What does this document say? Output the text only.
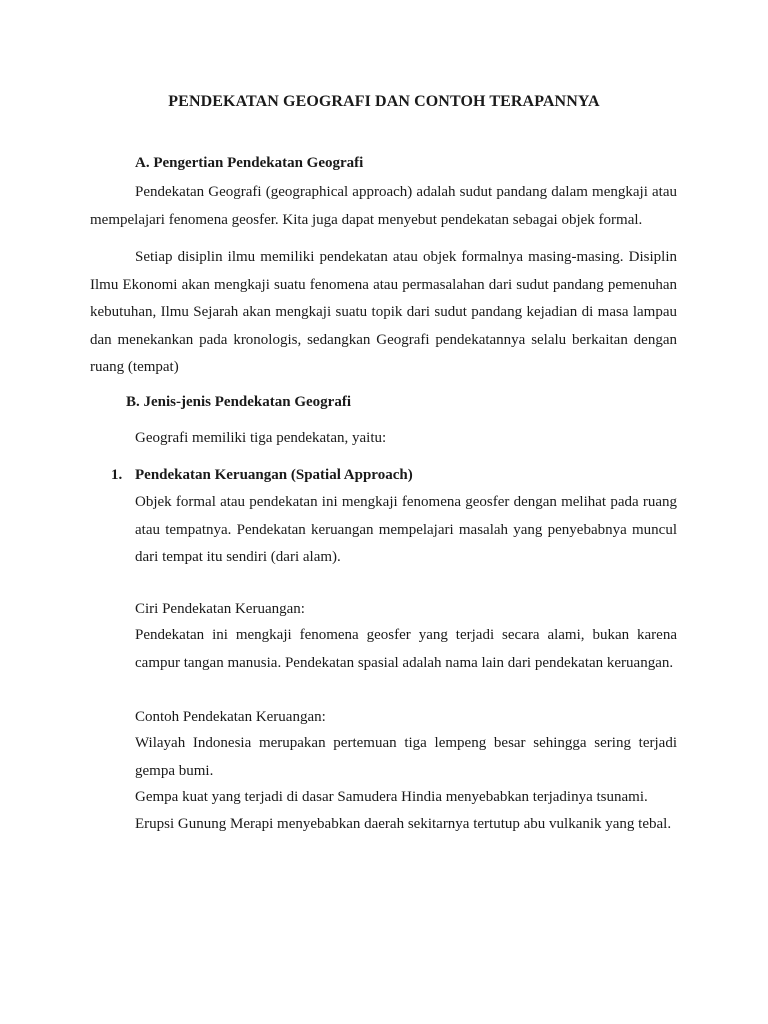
PENDEKATAN GEOGRAFI DAN CONTOH TERAPANNYA
A. Pengertian Pendekatan Geografi
Pendekatan Geografi (geographical approach) adalah sudut pandang dalam mengkaji atau mempelajari fenomena geosfer. Kita juga dapat menyebut pendekatan sebagai objek formal.
Setiap disiplin ilmu memiliki pendekatan atau objek formalnya masing-masing. Disiplin Ilmu Ekonomi akan mengkaji suatu fenomena atau permasalahan dari sudut pandang pemenuhan kebutuhan, Ilmu Sejarah akan mengkaji suatu topik dari sudut pandang kejadian di masa lampau dan menekankan pada kronologis, sedangkan Geografi pendekatannya selalu berkaitan dengan ruang (tempat)
B. Jenis-jenis Pendekatan Geografi
Geografi memiliki tiga pendekatan, yaitu:
1. Pendekatan Keruangan (Spatial Approach)
Objek formal atau pendekatan ini mengkaji fenomena geosfer dengan melihat pada ruang atau tempatnya. Pendekatan keruangan mempelajari masalah yang penyebabnya muncul dari tempat itu sendiri (dari alam).
Ciri Pendekatan Keruangan:
Pendekatan ini mengkaji fenomena geosfer yang terjadi secara alami, bukan karena campur tangan manusia. Pendekatan spasial adalah nama lain dari pendekatan keruangan.
Contoh Pendekatan Keruangan:
Wilayah Indonesia merupakan pertemuan tiga lempeng besar sehingga sering terjadi gempa bumi.
Gempa kuat yang terjadi di dasar Samudera Hindia menyebabkan terjadinya tsunami.
Erupsi Gunung Merapi menyebabkan daerah sekitarnya tertutup abu vulkanik yang tebal.
